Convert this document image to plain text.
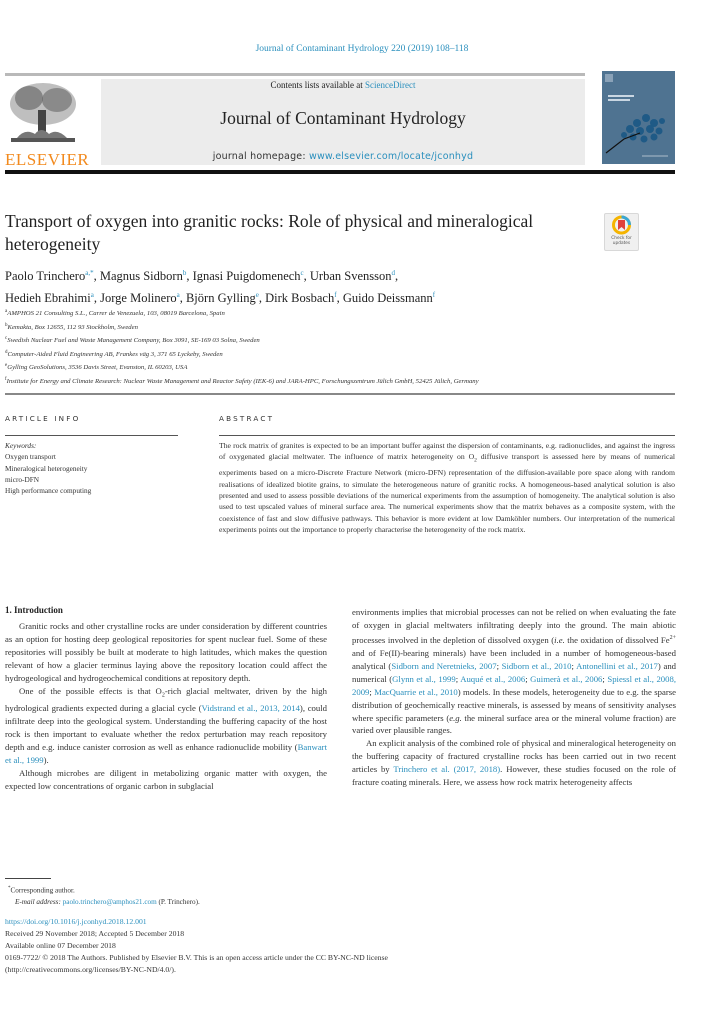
Journal of Contaminant Hydrology 220 (2019) 108–118
ELSEVIER
Contents lists available at ScienceDirect
Journal of Contaminant Hydrology
journal homepage: www.elsevier.com/locate/jconhyd
Transport of oxygen into granitic rocks: Role of physical and mineralogical heterogeneity	Check for
updates
Paolo Trinchero$^{a,*}$, Magnus Sidborn$^b$, Ignasi Puigdomenech$^c$, Urban Svensson$^d$,
Hedieh Ebrahimi$^a$, Jorge Molinero$^a$, Björn Gylling$^e$, Dirk Bosbach$^f$, Guido Deissmann$^f$
$^a$AMPHOS 21 Consulting S.L., Carrer de Venezuela, 103, 08019 Barcelona, Spain
$^b$Kemakta, Box 12655, 112 93 Stockholm, Sweden
$^c$Swedish Nuclear Fuel and Waste Management Company, Box 3091, SE-169 03 Solna, Sweden
$^d$Computer-Aided Fluid Engineering AB, Frankes väg 3, 371 65 Lyckeby, Sweden
$^e$Gylling GeoSolutions, 3536 Davis Street, Evanston, IL 60203, USA
$^f$Institute for Energy and Climate Research: Nuclear Waste Management and Reactor Safety (IEK-6) and JARA-HPC, Forschungszentrum Jülich GmbH, 52425 Jülich, Germany
ARTICLE INFO	ABSTRACT
Keywords:
Oxygen transport
Mineralogical heterogeneity
micro-DFN
High performance computing
The rock matrix of granites is expected to be an important buffer against the dispersion of contaminants, e.g. radionuclides, and against the ingress of oxygenated glacial meltwater. The influence of matrix heterogeneity on $O_2$ diffusive transport is assessed here by means of numerical experiments based on a micro-Discrete Fracture Network (micro-DFN) representation of the diffusion-available pore space along with random realisations of idealized biotite grains, to simulate the heterogeneous nature of granitic rocks. A homogeneous-based analytical solution is also presented and used to assess possible deviations of the numerical experiments from the assumption of homogeneity. The analytical solution is also used to test upscaled values of mineral surface area. The numerical experiments show that the matrix behaves as a composite system, with the coexistence of fast and slow diffusive pathways. This behavior is more evident at low Damköhler numbers. Our interpretation of the numerical experiments points out the importance to properly characterise the heterogeneity of the rock matrix.
1. Introduction

Granitic rocks and other crystalline rocks are under consideration by different countries as an option for hosting deep geological repositories for spent nuclear fuel. Some of these repositories will possibly be built at moderate to high latitudes, which makes the question relevant of how a glacier terminus laying above the repository location could affect the hydrogeological and hydrogeochemical conditions at repository depth.

One of the possible effects is that $O_2$-rich glacial meltwater, driven by the high hydrological gradients expected during a glacial cycle (Vidstrand et al., 2013, 2014), could infiltrate deep into the geological system. Understanding the buffering capacity of the host rock is then important to evaluate whether the redox perturbation may reach repository depth and e.g. induce canister corrosion as well as enhance radionuclide mobility (Banwart et al., 1999).

Although microbes are diligent in metabolizing organic matter with oxygen, the expected low concentrations of organic carbon in subglacial

environments implies that microbial processes can not be relied on when evaluating the fate of oxygen in glacial meltwaters infiltrating deeply into the ground. The main abiotic processes involved in the depletion of dissolved oxygen (i.e. the oxidation of dissolved $Fe^{2+}$ and of Fe(II)-bearing minerals) have been included in a number of homogeneous-based analytical (Sidborn and Neretnieks, 2007; Sidborn et al., 2010; Antonellini et al., 2017) and numerical (Glynn et al., 1999; Auqué et al., 2006; Guimerà et al., 2006; Spiessl et al., 2008, 2009; MacQuarrie et al., 2010) models. In these models, heterogeneity due to e.g. the sparse distribution of geochemically reactive minerals, is assessed by means of sensitivity analyses where specific parameters (e.g. the mineral surface area or the mineral volume fraction) are varied over plausible ranges.

An explicit analysis of the combined role of physical and mineralogical heterogeneity on the buffering capacity of fractured crystalline rocks has been carried out in two recent articles by Trinchero et al. (2017, 2018). However, these studies focused on the role of fracture coating minerals. Here, we assess how rock matrix heterogeneity affects

*Corresponding author.
E-mail address: paolo.trinchero@amphos21.com (P. Trinchero).
https://doi.org/10.1016/j.jconhyd.2018.12.001
Received 29 November 2018; Accepted 5 December 2018
Available online 07 December 2018
0169-7722/ © 2018 The Authors. Published by Elsevier B.V. This is an open access article under the CC BY-NC-ND license
(http://creativecommons.org/licenses/BY-NC-ND/4.0/).
